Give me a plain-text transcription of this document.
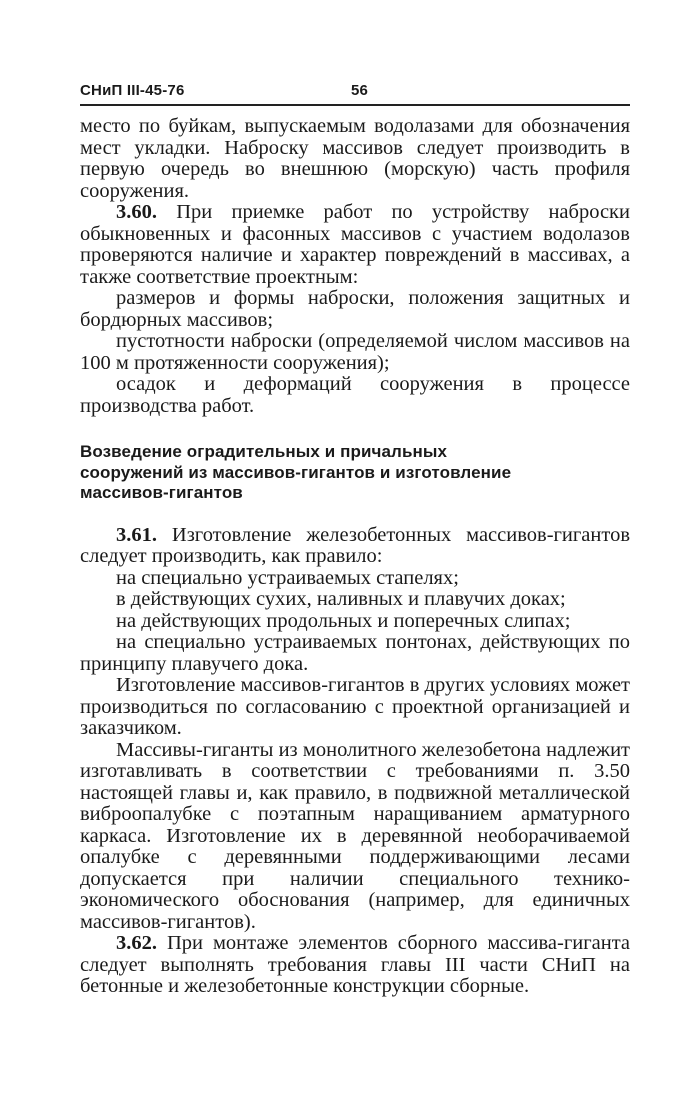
СНиП III-45-76	56

место по буйкам, выпускаемым водолазами для обозначения мест укладки. Наброску массивов следует производить в первую очередь во внешнюю (морскую) часть профиля сооружения.

3.60. При приемке работ по устройству наброски обыкновенных и фасонных массивов с участием водолазов проверяются наличие и характер повреждений в массивах, а также соответствие проектным:

размеров и формы наброски, положения защитных и бордюрных массивов;

пустотности наброски (определяемой числом массивов на 100 м протяженности сооружения);

осадок и деформаций сооружения в процессе производства работ.

Возведение оградительных и причальных
сооружений из массивов-гигантов и изготовление
массивов-гигантов

3.61. Изготовление железобетонных массивов-гигантов следует производить, как правило:

на специально устраиваемых стапелях;

в действующих сухих, наливных и плавучих доках;

на действующих продольных и поперечных слипах;

на специально устраиваемых понтонах, действующих по принципу плавучего дока.

Изготовление массивов-гигантов в других условиях может производиться по согласованию с проектной организацией и заказчиком.

Массивы-гиганты из монолитного железобетона надлежит изготавливать в соответствии с требованиями п. 3.50 настоящей главы и, как правило, в подвижной металлической виброопалубке с поэтапным наращиванием арматурного каркаса. Изготовление их в деревянной необорачиваемой опалубке с деревянными поддерживающими лесами допускается при наличии специального технико-экономического обоснования (например, для единичных массивов-гигантов).

3.62. При монтаже элементов сборного массива-гиганта следует выполнять требования главы III части СНиП на бетонные и железобетонные конструкции сборные.
